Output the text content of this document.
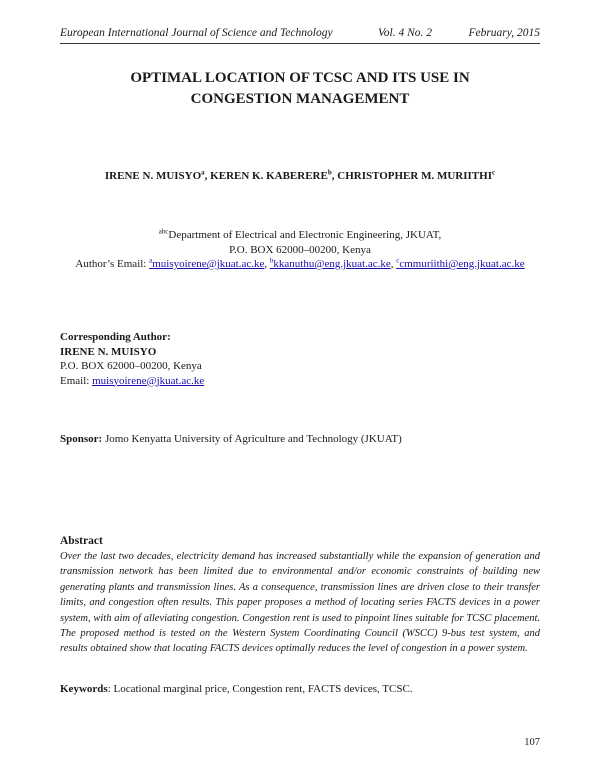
European International Journal of Science and Technology	Vol. 4 No. 2	February, 2015
OPTIMAL LOCATION OF TCSC AND ITS USE IN
CONGESTION MANAGEMENT
IRENE N. MUISYO$^a$, KEREN K. KABERERE$^b$, CHRISTOPHER M. MURIITHI$^c$
$^{abc}$Department of Electrical and Electronic Engineering, JKUAT,
P.O. BOX 62000–00200, Kenya
Author’s Email: $^a$muisyoirene@jkuat.ac.ke, $^b$kkanuthu@eng.jkuat.ac.ke, $^c$cmmuriithi@eng.jkuat.ac.ke
Corresponding Author:
IRENE N. MUISYO
P.O. BOX 62000–00200, Kenya
Email: muisyoirene@jkuat.ac.ke
Sponsor: Jomo Kenyatta University of Agriculture and Technology (JKUAT)
Abstract
Over the last two decades, electricity demand has increased substantially while the expansion of generation and transmission network has been limited due to environmental and/or economic constraints of building new generating plants and transmission lines. As a consequence, transmission lines are driven close to their transfer limits, and congestion often results. This paper proposes a method of locating series FACTS devices in a power system, with aim of alleviating congestion. Congestion rent is used to pinpoint lines suitable for TCSC placement. The proposed method is tested on the Western System Coordinating Council (WSCC) 9-bus test system, and results obtained show that locating FACTS devices optimally reduces the level of congestion in a power system.
Keywords: Locational marginal price, Congestion rent, FACTS devices, TCSC.
107
